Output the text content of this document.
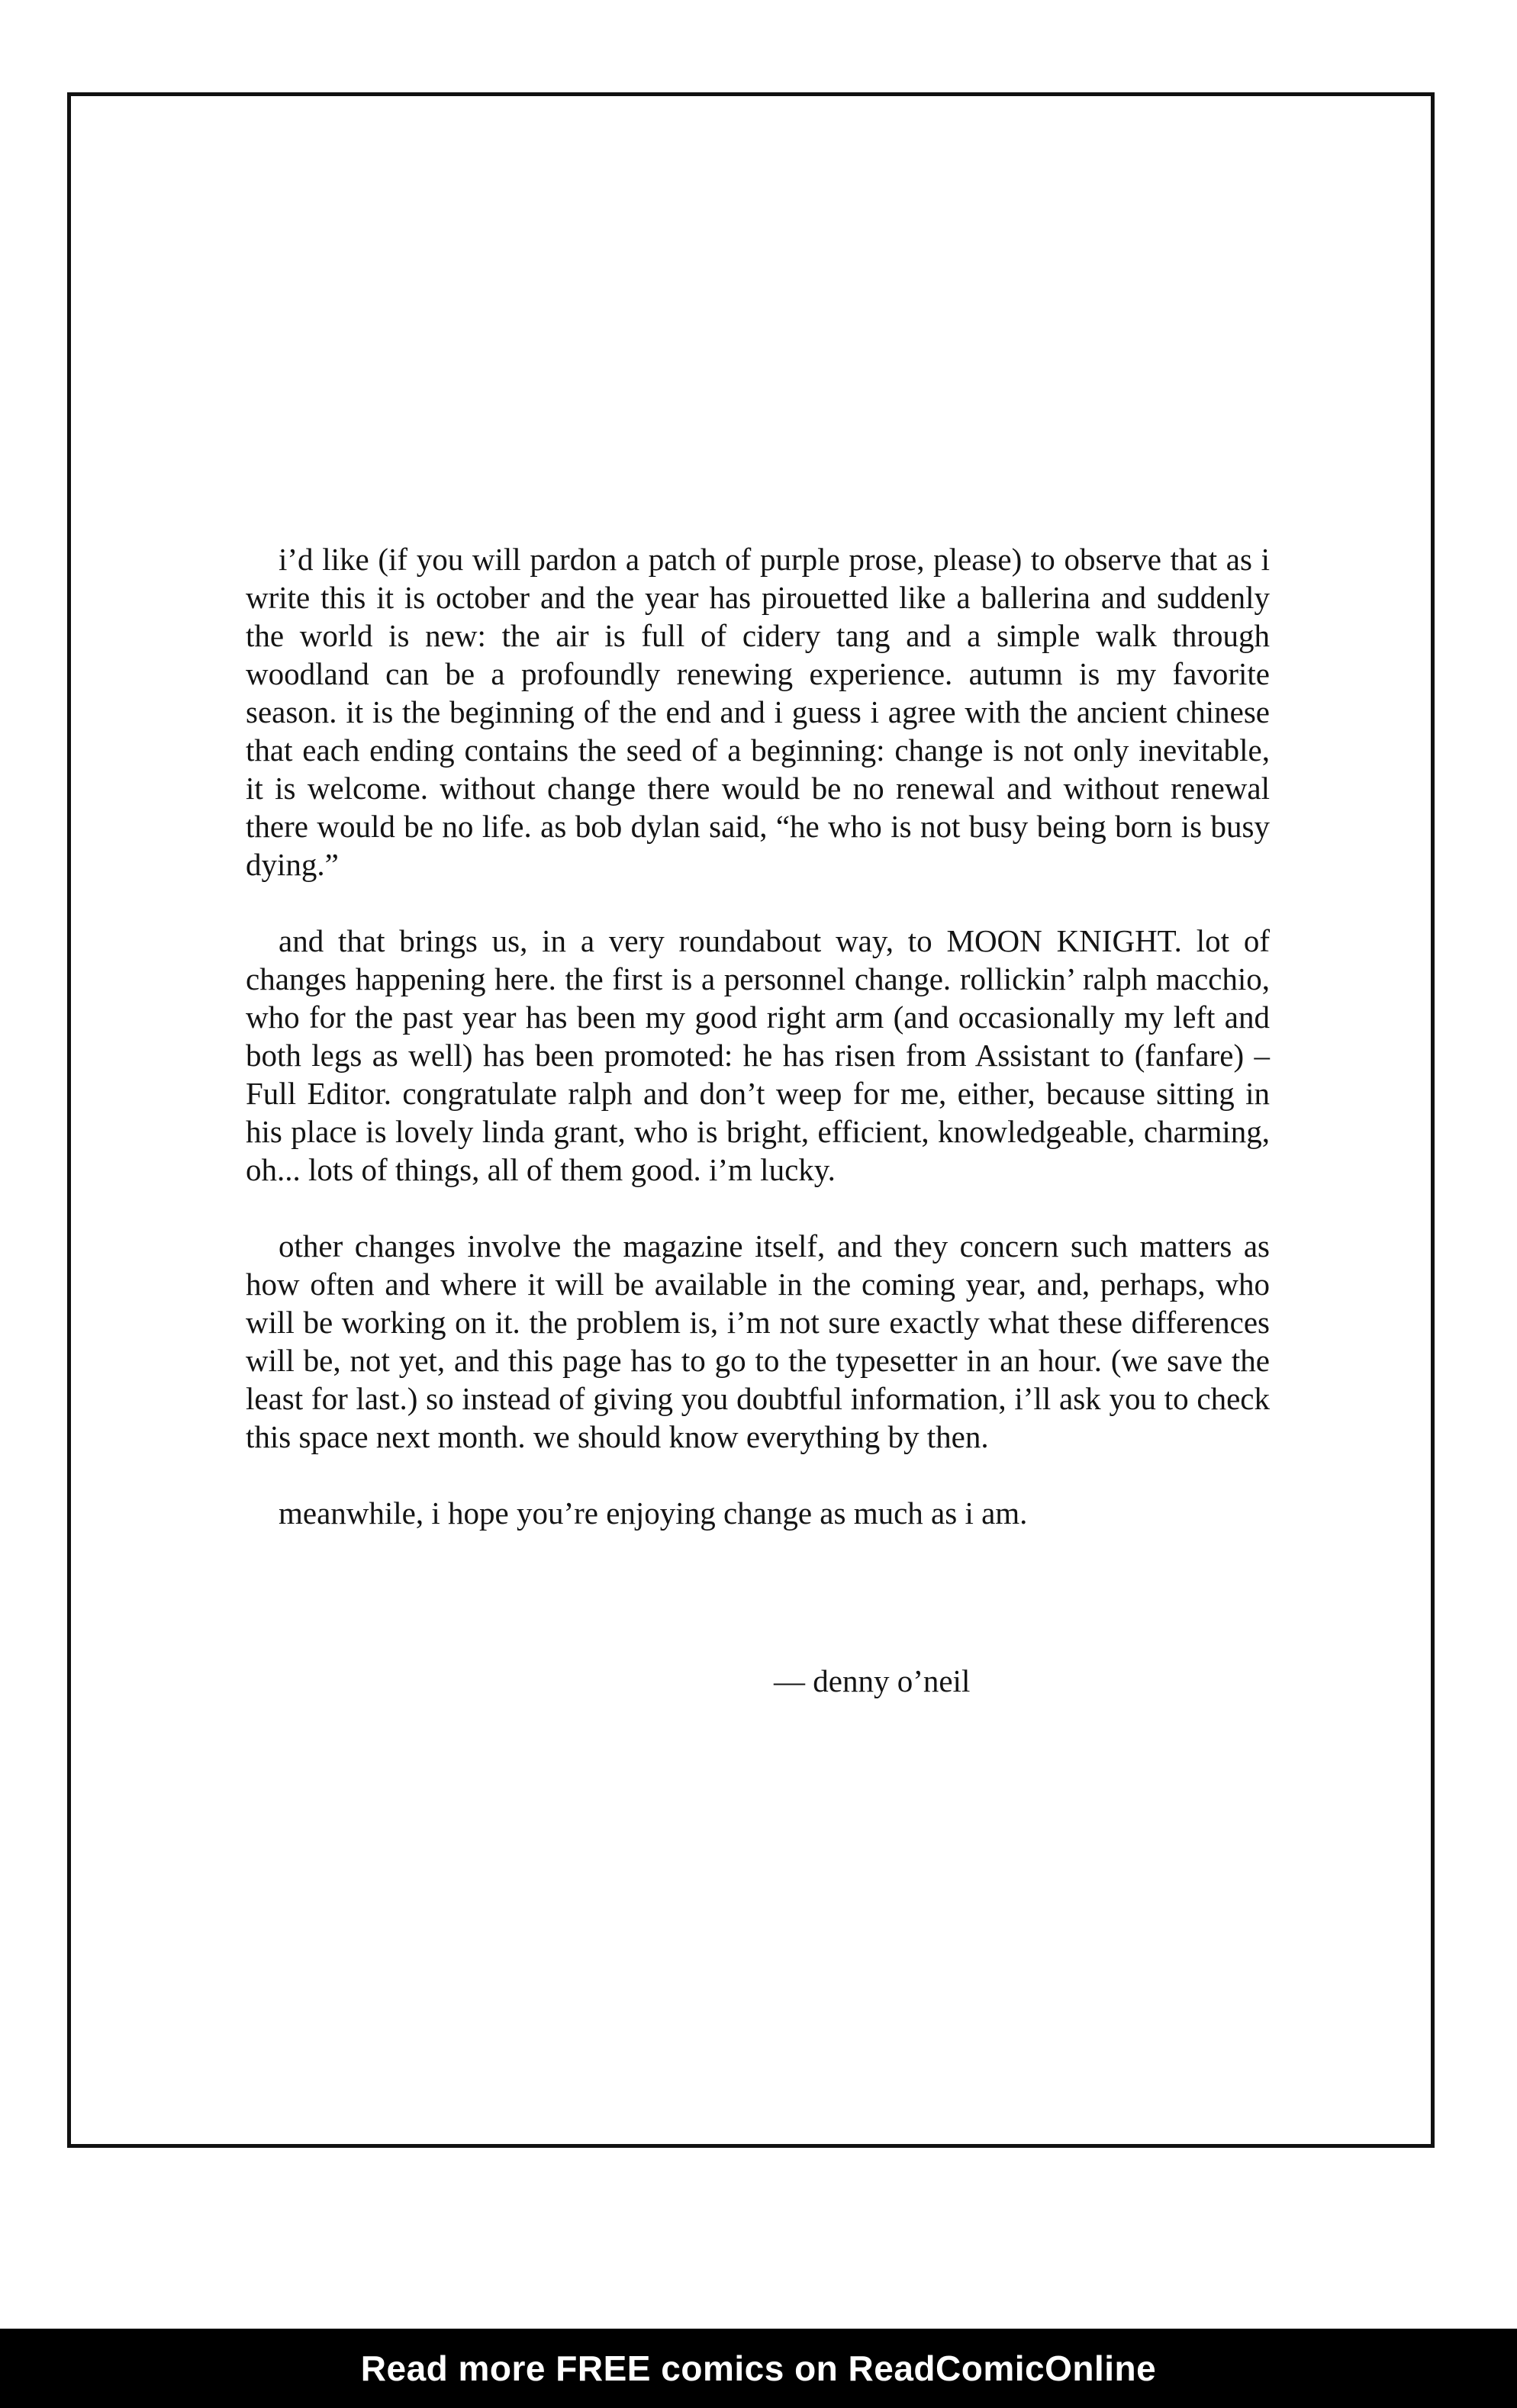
i’d like (if you will pardon a patch of purple prose, please) to observe that as i write this it is october and the year has pirouetted like a ballerina and suddenly the world is new: the air is full of cidery tang and a simple walk through woodland can be a profoundly renewing experience. autumn is my favorite season. it is the beginning of the end and i guess i agree with the ancient chinese that each ending contains the seed of a beginning: change is not only inevitable, it is welcome. without change there would be no renewal and without renewal there would be no life. as bob dylan said, “he who is not busy being born is busy dying.”

and that brings us, in a very roundabout way, to MOON KNIGHT. lot of changes happening here. the first is a personnel change. rollickin’ ralph macchio, who for the past year has been my good right arm (and occasionally my left and both legs as well) has been promoted: he has risen from Assistant to (fanfare) – Full Editor. congratulate ralph and don’t weep for me, either, because sitting in his place is lovely linda grant, who is bright, efficient, knowledgeable, charming, oh... lots of things, all of them good. i’m lucky.

other changes involve the magazine itself, and they concern such matters as how often and where it will be available in the coming year, and, perhaps, who will be working on it. the problem is, i’m not sure exactly what these differences will be, not yet, and this page has to go to the typesetter in an hour. (we save the least for last.) so instead of giving you doubtful information, i’ll ask you to check this space next month. we should know everything by then.

meanwhile, i hope you’re enjoying change as much as i am.

— denny o’neil
Read more FREE comics on ReadComicOnline
